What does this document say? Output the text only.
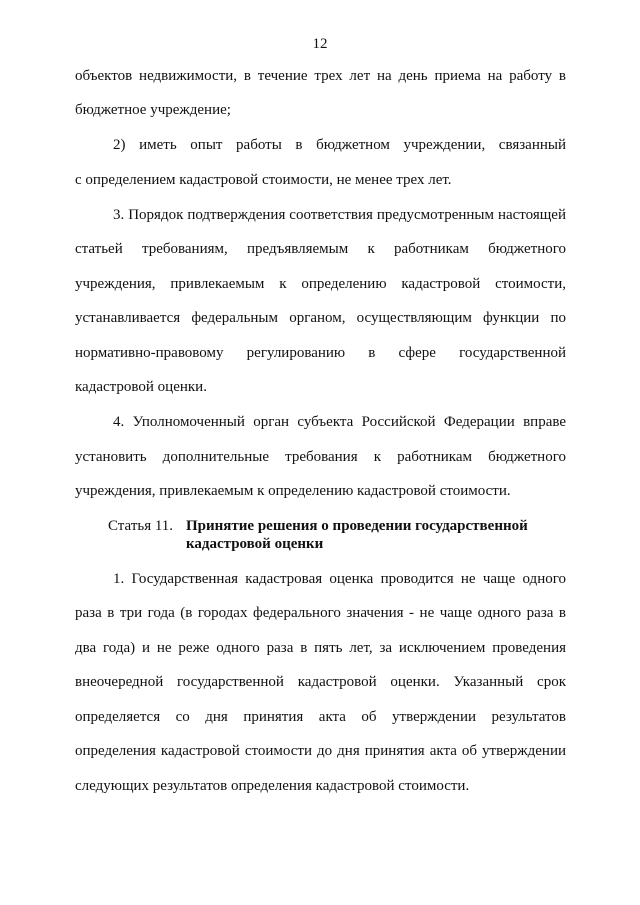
12
объектов недвижимости, в течение трех лет на день приема на работу в
бюджетное учреждение;
2) иметь опыт работы в бюджетном учреждении, связанный
с определением кадастровой стоимости, не менее трех лет.
3. Порядок подтверждения соответствия предусмотренным настоящей
статьей требованиям, предъявляемым к работникам бюджетного
учреждения, привлекаемым к определению кадастровой стоимости,
устанавливается федеральным органом, осуществляющим функции по
нормативно-правовому регулированию в сфере государственной
кадастровой оценки.
4. Уполномоченный орган субъекта Российской Федерации вправе
установить дополнительные требования к работникам бюджетного
учреждения, привлекаемым к определению кадастровой стоимости.
Статья 11. Принятие решения о проведении государственной
кадастровой оценки
1. Государственная кадастровая оценка проводится не чаще одного
раза в три года (в городах федерального значения - не чаще одного раза в
два года) и не реже одного раза в пять лет, за исключением проведения
внеочередной государственной кадастровой оценки. Указанный срок
определяется со дня принятия акта об утверждении результатов
определения кадастровой стоимости до дня принятия акта об утверждении
следующих результатов определения кадастровой стоимости.
